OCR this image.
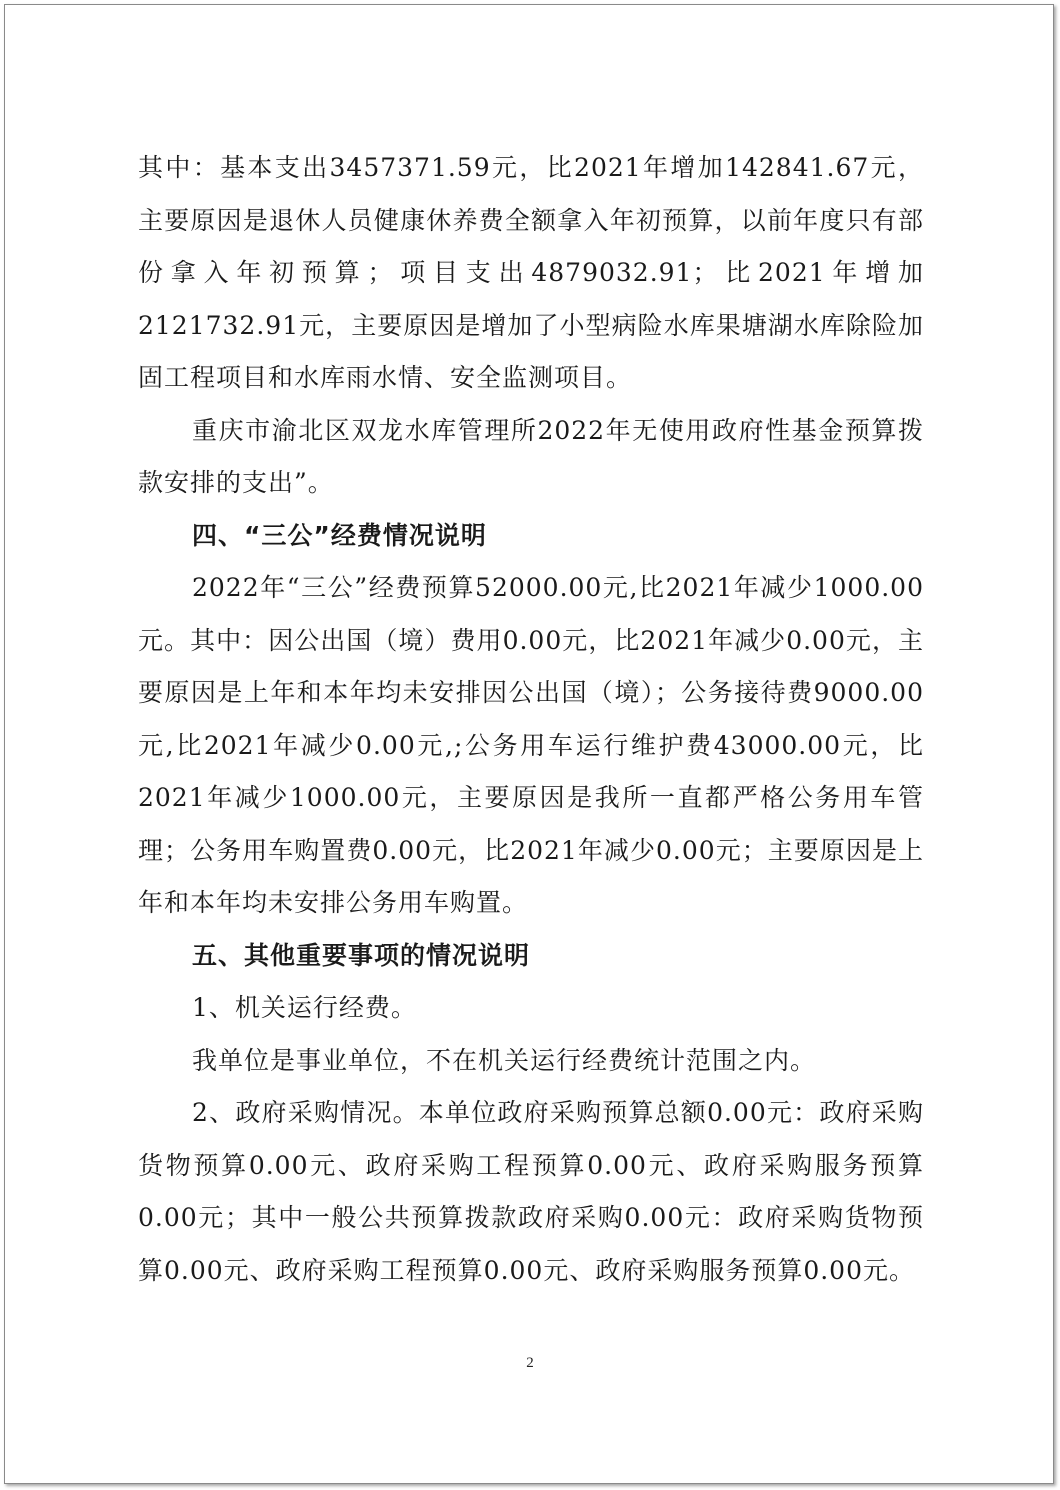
其中：基本支出3457371.59元，比2021年增加142841.67元，主要原因是退休人员健康休养费全额拿入年初预算，以前年度只有部份拿入年初预算；项目支出4879032.91；比2021年增加2121732.91元，主要原因是增加了小型病险水库果塘湖水库除险加固工程项目和水库雨水情、安全监测项目。

重庆市渝北区双龙水库管理所2022年无使用政府性基金预算拨款安排的支出”。

四、“三公”经费情况说明

2022年“三公”经费预算52000.00元,比2021年减少1000.00元。其中：因公出国（境）费用0.00元，比2021年减少0.00元，主要原因是上年和本年均未安排因公出国（境）；公务接待费9000.00元,比2021年减少0.00元,;公务用车运行维护费43000.00元，比2021年减少1000.00元，主要原因是我所一直都严格公务用车管理；公务用车购置费0.00元，比2021年减少0.00元；主要原因是上年和本年均未安排公务用车购置。

五、其他重要事项的情况说明

1、机关运行经费。

我单位是事业单位，不在机关运行经费统计范围之内。

2、政府采购情况。本单位政府采购预算总额0.00元：政府采购货物预算0.00元、政府采购工程预算0.00元、政府采购服务预算0.00元；其中一般公共预算拨款政府采购0.00元：政府采购货物预算0.00元、政府采购工程预算0.00元、政府采购服务预算0.00元。

2
